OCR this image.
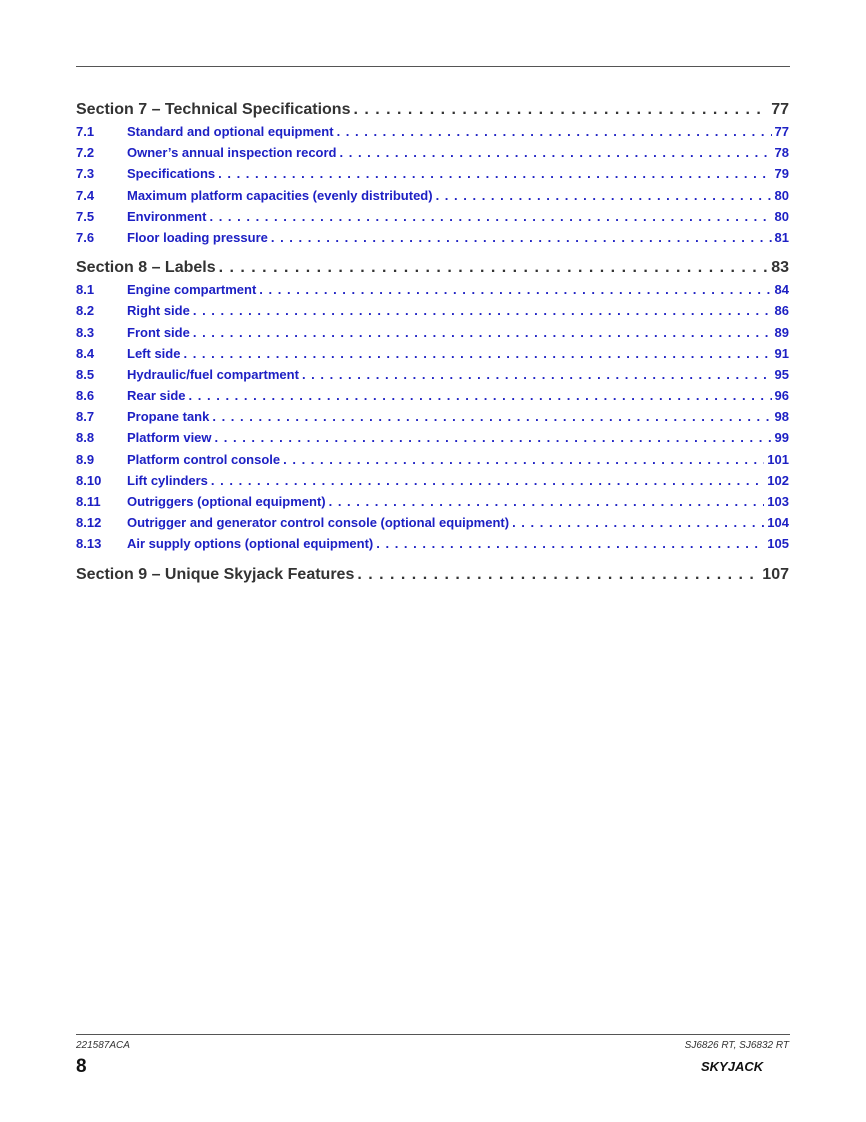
Section 7 – Technical Specifications . . .	77
7.1	Standard and optional equipment . . .	77
7.2	Owner’s annual inspection record . . .	78
7.3	Specifications . . .	79
7.4	Maximum platform capacities (evenly distributed) . . .	80
7.5	Environment . . .	80
7.6	Floor loading pressure . . .	81
Section 8 – Labels . . .	83
8.1	Engine compartment . . .	84
8.2	Right side . . .	86
8.3	Front side . . .	89
8.4	Left side . . .	91
8.5	Hydraulic/fuel compartment . . .	95
8.6	Rear side . . .	96
8.7	Propane tank . . .	98
8.8	Platform view . . .	99
8.9	Platform control console . . .	101
8.10	Lift cylinders . . .	102
8.11	Outriggers (optional equipment) . . .	103
8.12	Outrigger and generator control console (optional equipment) . . .	104
8.13	Air supply options (optional equipment) . . .	105
Section 9 – Unique Skyjack Features . . .	107
221587ACA	SJ6826 RT, SJ6832 RT
8	SKYJACK
